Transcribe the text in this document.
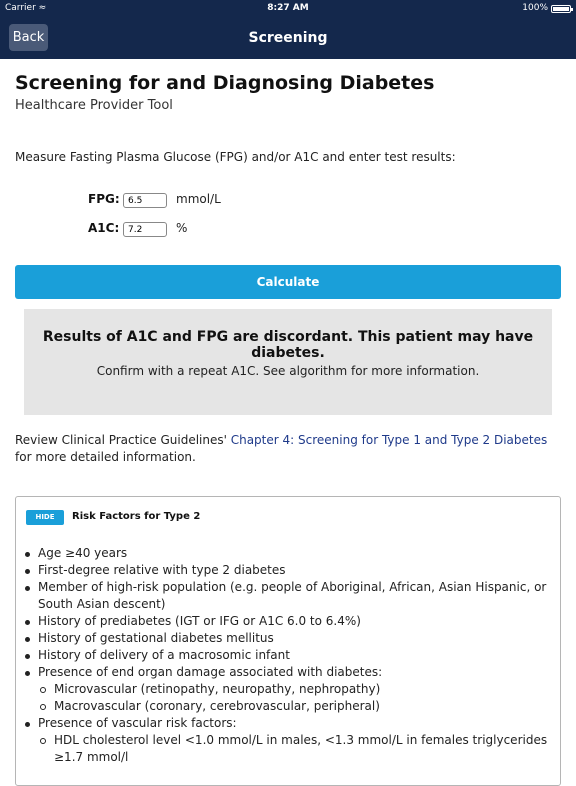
Carrier ≈	8:27 AM	100%
Screening
Back
Screening for and Diagnosing Diabetes
Healthcare Provider Tool
Measure Fasting Plasma Glucose (FPG) and/or A1C and enter test results:
FPG:
6.5	mmol/L
A1C:
7.2	%
Calculate
Results of A1C and FPG are discordant. This patient may have diabetes.
Confirm with a repeat A1C. See algorithm for more information.
Review Clinical Practice Guidelines' Chapter 4: Screening for Type 1 and Type 2 Diabetes for more detailed information.
HIDE	Risk Factors for Type 2
Age ≥40 years
First-degree relative with type 2 diabetes
Member of high-risk population (e.g. people of Aboriginal, African, Asian Hispanic, or South Asian descent)
History of prediabetes (IGT or IFG or A1C 6.0 to 6.4%)
History of gestational diabetes mellitus
History of delivery of a macrosomic infant
Presence of end organ damage associated with diabetes:
Microvascular (retinopathy, neuropathy, nephropathy)
Macrovascular (coronary, cerebrovascular, peripheral)
Presence of vascular risk factors:
HDL cholesterol level <1.0 mmol/L in males, <1.3 mmol/L in females triglycerides ≥1.7 mmol/l
